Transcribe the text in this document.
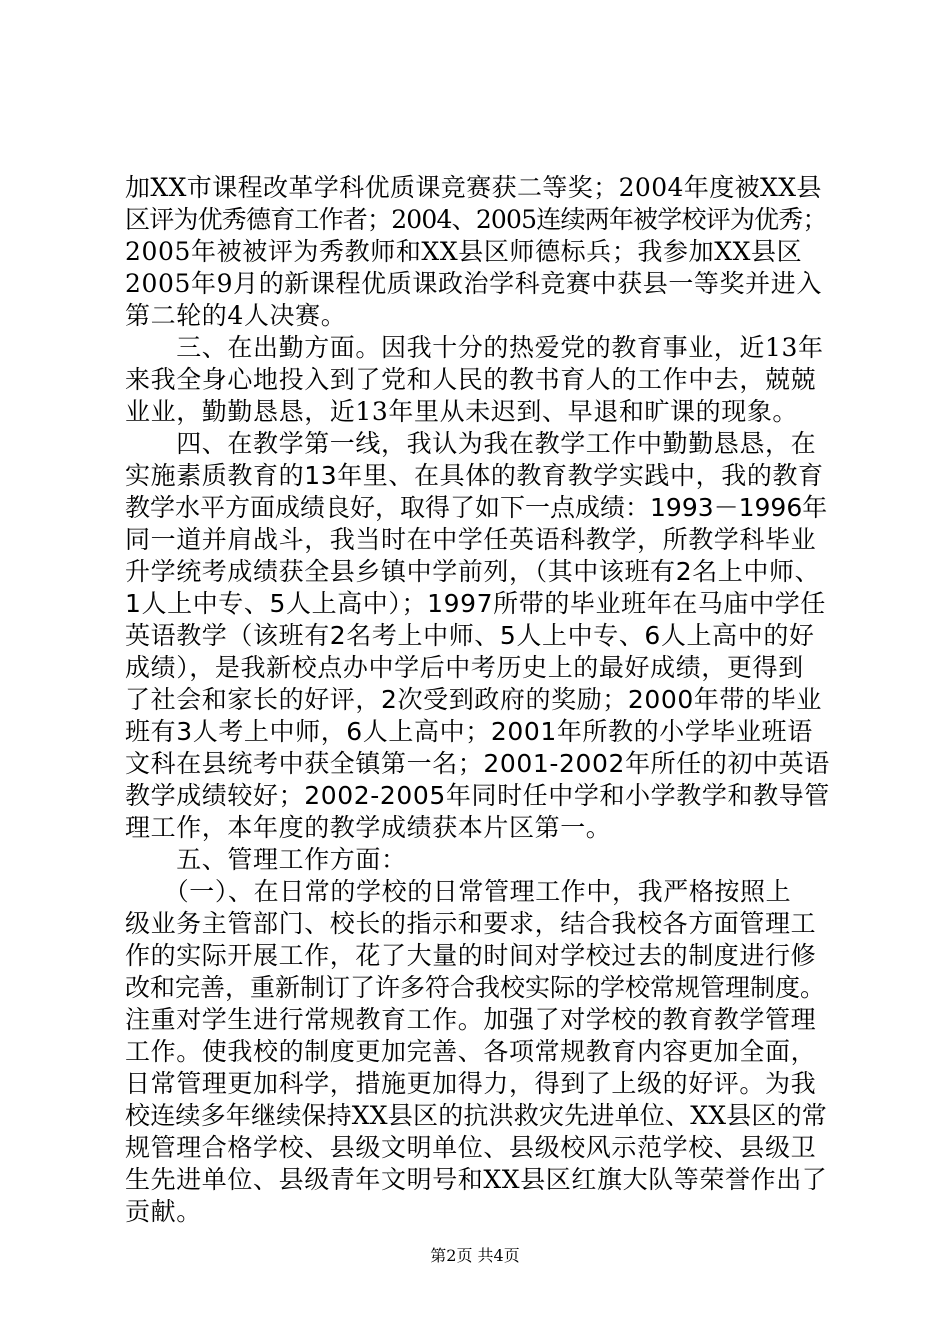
加XX市课程改革学科优质课竞赛获二等奖；2004年度被XX县
区评为优秀德育工作者；2004、2005连续两年被学校评为优秀；
2005年被被评为秀教师和XX县区师德标兵；我参加XX县区
2005年9月的新课程优质课政治学科竞赛中获县一等奖并进入
第二轮的4人决赛。
　　三、在出勤方面。因我十分的热爱党的教育事业，近13年
来我全身心地投入到了党和人民的教书育人的工作中去，兢兢
业业，勤勤恳恳，近13年里从未迟到、早退和旷课的现象。
　　四、在教学第一线，我认为我在教学工作中勤勤恳恳，在
实施素质教育的13年里、在具体的教育教学实践中，我的教育
教学水平方面成绩良好，取得了如下一点成绩：1993－1996年
同一道并肩战斗，我当时在中学任英语科教学，所教学科毕业
升学统考成绩获全县乡镇中学前列，（其中该班有2名上中师、
1人上中专、5人上高中）；1997所带的毕业班年在马庙中学任
英语教学（该班有2名考上中师、5人上中专、6人上高中的好
成绩），是我新校点办中学后中考历史上的最好成绩，更得到
了社会和家长的好评，2次受到政府的奖励；2000年带的毕业
班有3人考上中师，6人上高中；2001年所教的小学毕业班语
文科在县统考中获全镇第一名；2001-2002年所任的初中英语
教学成绩较好；2002-2005年同时任中学和小学教学和教导管
理工作，本年度的教学成绩获本片区第一。
　　五、管理工作方面：
　　（一）、在日常的学校的日常管理工作中，我严格按照上
级业务主管部门、校长的指示和要求，结合我校各方面管理工
作的实际开展工作，花了大量的时间对学校过去的制度进行修
改和完善，重新制订了许多符合我校实际的学校常规管理制度。
注重对学生进行常规教育工作。加强了对学校的教育教学管理
工作。使我校的制度更加完善、各项常规教育内容更加全面，
日常管理更加科学，措施更加得力，得到了上级的好评。为我
校连续多年继续保持XX县区的抗洪救灾先进单位、XX县区的常
规管理合格学校、县级文明单位、县级校风示范学校、县级卫
生先进单位、县级青年文明号和XX县区红旗大队等荣誉作出了
贡献。
第2页 共4页
